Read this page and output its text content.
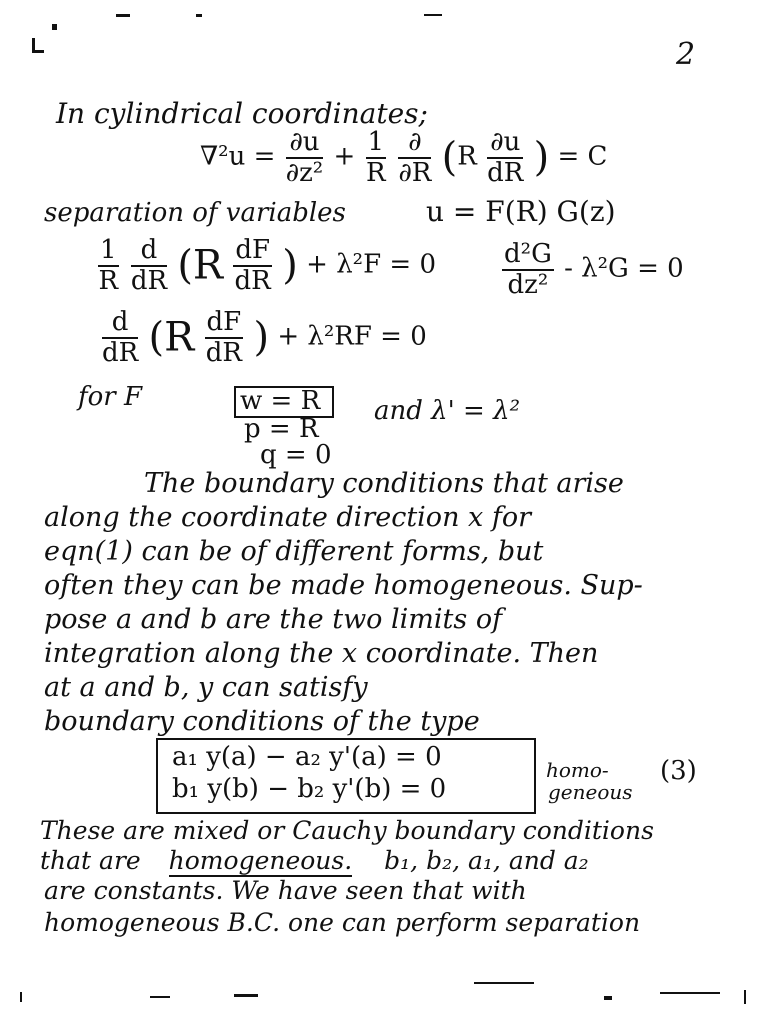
2
In cylindrical coordinates;
$\nabla^2u = \frac{\partial u}{\text{∂z²}} + \frac{1}{R}$
$\frac{\partial}{\partial R} (R \frac{\partial u}{dR}$ ) = C
separation of variables	u = F(R) G(z)
$\frac{1}{R}$
$\frac{d}{dR} (R \frac{dF}{dR}$ ) + λ²F = 0	$\frac{\text{d²G}}{\text{dz²}} - \lambda^2G = 0$
$\frac{d}{dR} (R \frac{dF}{dR}$ ) + λ²RF = 0
for F	w = R
p = R
q = 0
and λ' = λ²
The boundary conditions that arise
along the coordinate direction x for
eqn(1) can be of different forms, but
often they can be made homogeneous. Sup-
pose a and b are the two limits of
integration along the x coordinate. Then
at a and b, y can satisfy
boundary conditions of the type
a₁ y(a) − a₂ y'(a) = 0
b₁ y(b) − b₂ y'(b) = 0
homo-
geneous
(3)
These are mixed or Cauchy boundary conditions
that are homogeneous. b₁, b₂, a₁, and a₂
are constants. We have seen that with
homogeneous B.C. one can perform separation
